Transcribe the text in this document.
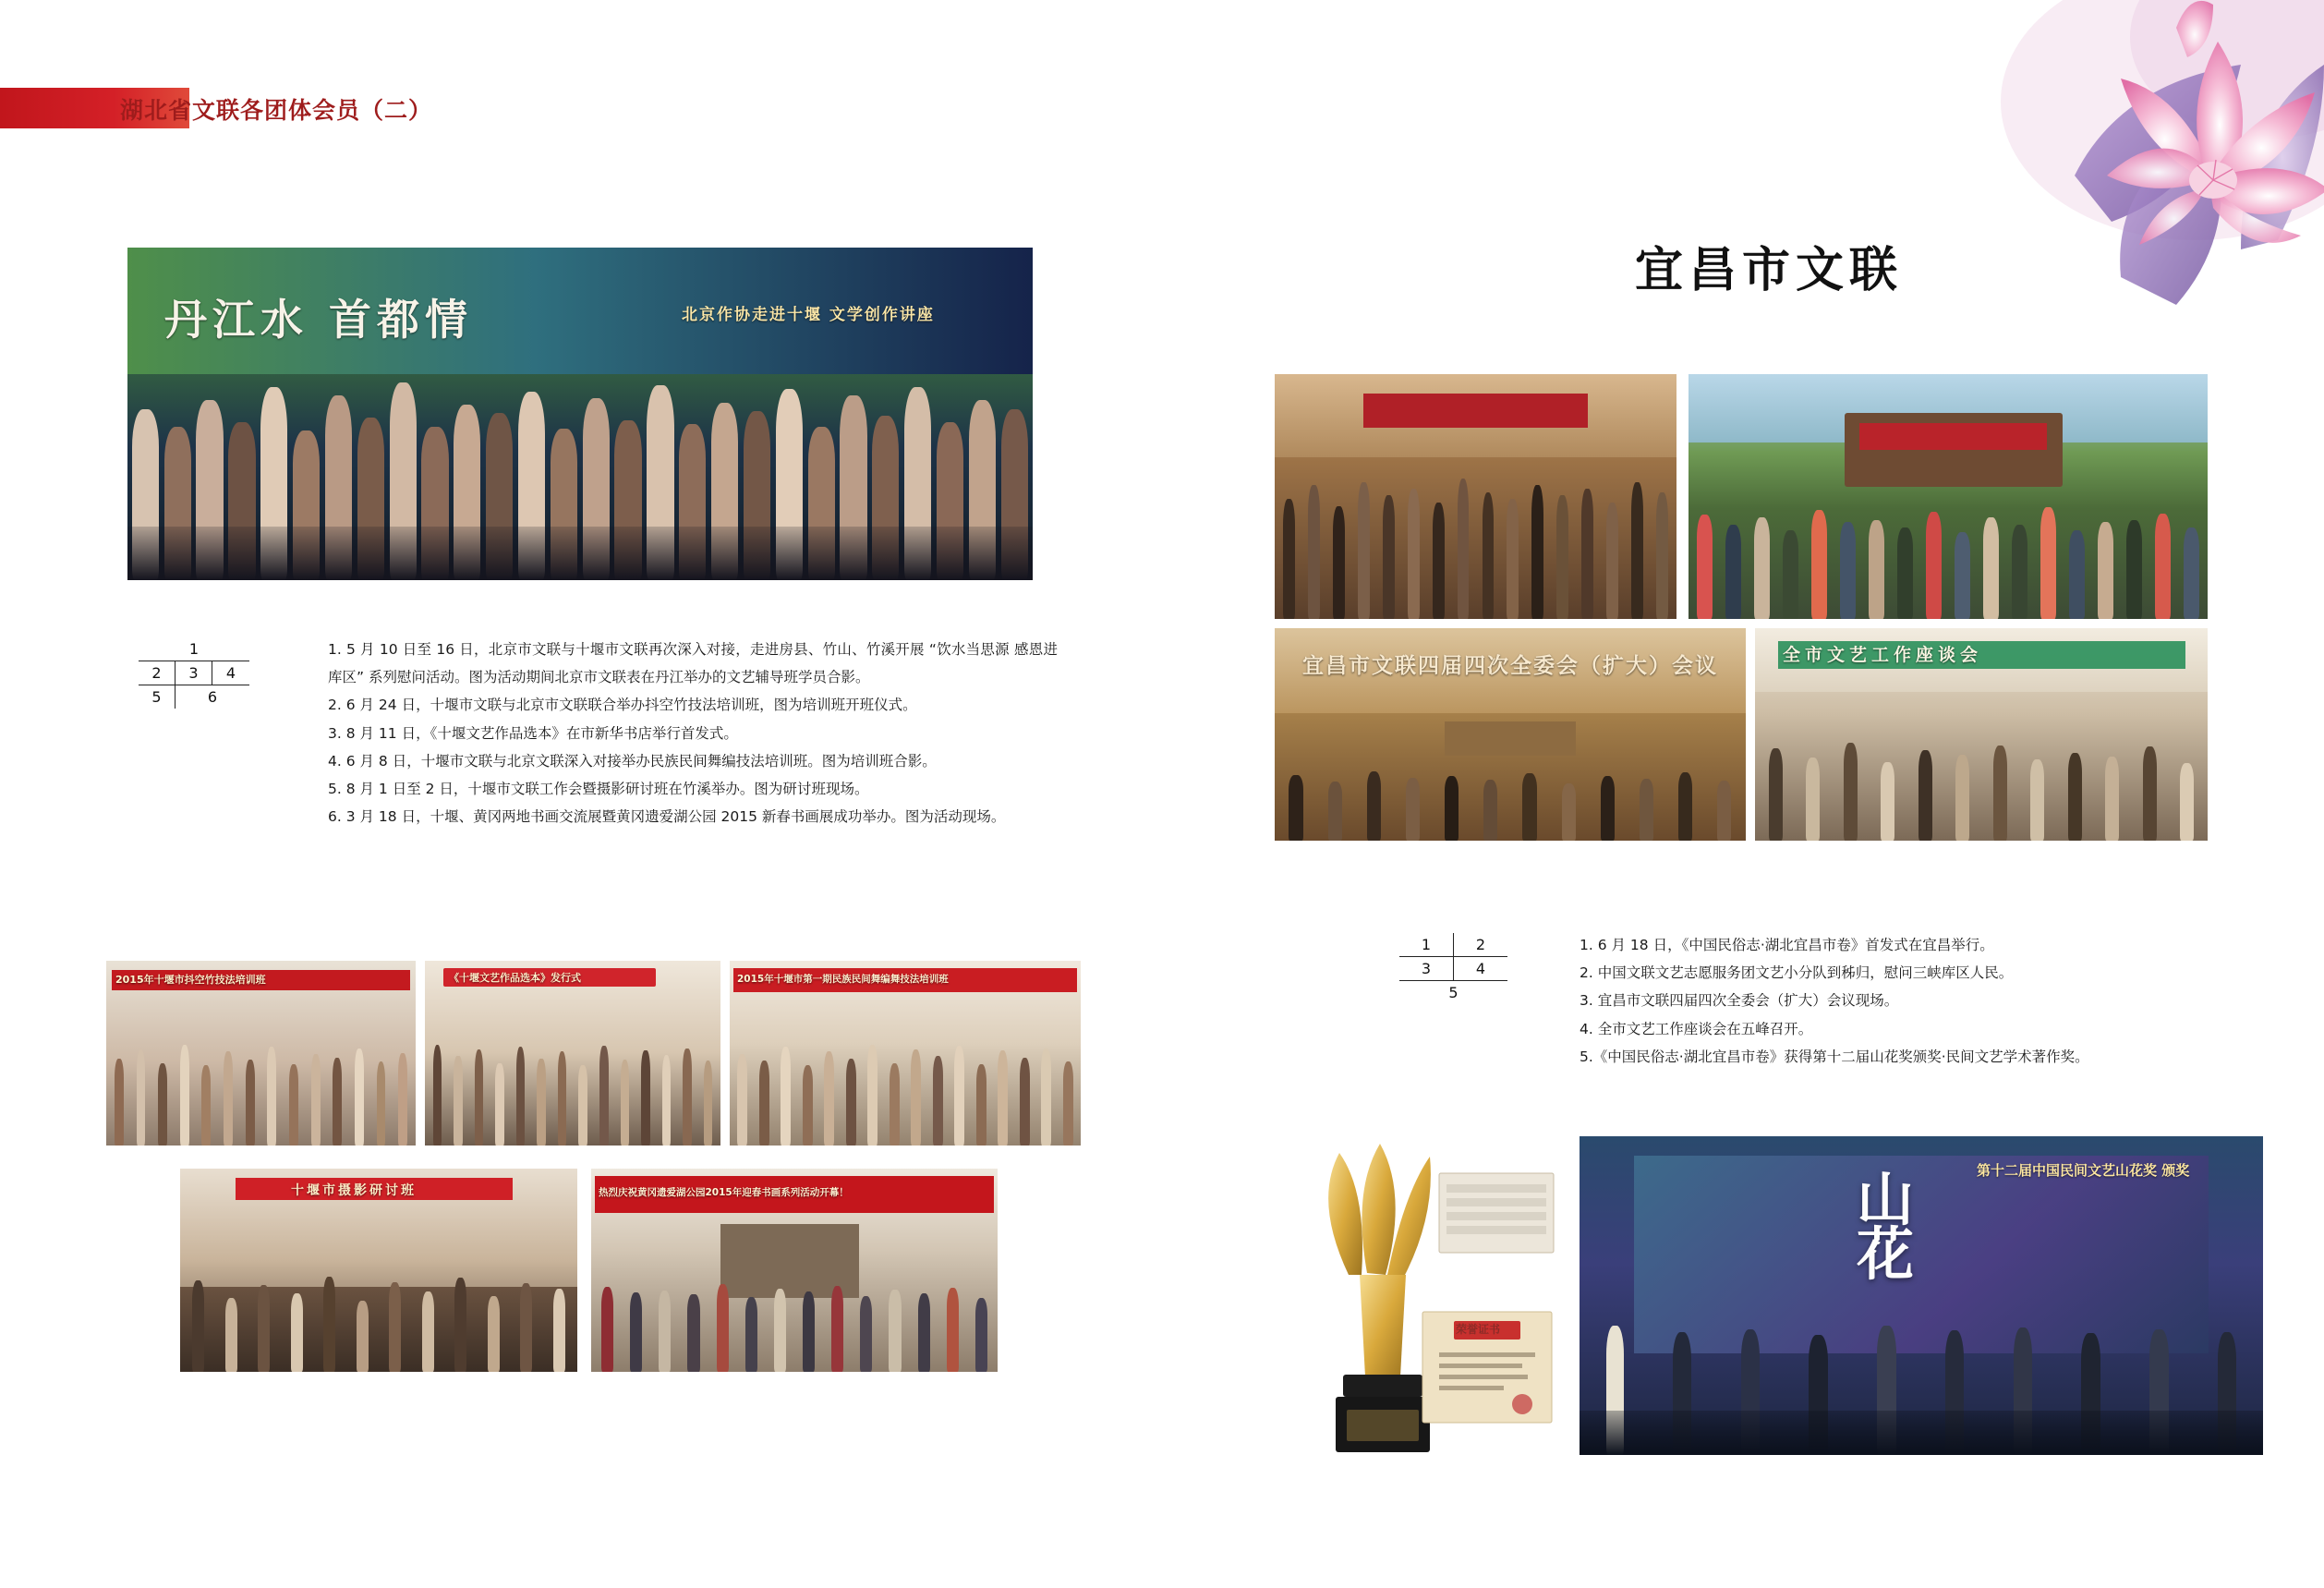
湖北省文联各团体会员（二）
宜昌市文联
丹江水 首都情	北京作协走进十堰 文学创作讲座
1		
2	3	4
5	6	

1. 5 月 10 日至 16 日，北京市文联与十堰市文联再次深入对接，走进房县、竹山、竹溪开展 “饮水当思源 感恩进库区” 系列慰问活动。图为活动期间北京市文联表在丹江举办的文艺辅导班学员合影。

2. 6 月 24 日，十堰市文联与北京市文联联合举办抖空竹技法培训班，图为培训班开班仪式。

3. 8 月 11 日，《十堰文艺作品选本》在市新华书店举行首发式。

4. 6 月 8 日，十堰市文联与北京文联深入对接举办民族民间舞编技法培训班。图为培训班合影。

5. 8 月 1 日至 2 日，十堰市文联工作会暨摄影研讨班在竹溪举办。图为研讨班现场。

6. 3 月 18 日，十堰、黄冈两地书画交流展暨黄冈遗爱湖公园 2015 新春书画展成功举办。图为活动现场。

2015年十堰市抖空竹技法培训班	《十堰文艺作品选本》发行式	2015年十堰市第一期民族民间舞编舞技法培训班
十堰市摄影研讨班	热烈庆祝黄冈遗爱湖公园2015年迎春书画系列活动开幕！
宜昌市文联四届四次全委会（扩大）会议	全市文艺工作座谈会
1	2
3	4
5	

1. 6 月 18 日，《中国民俗志·湖北宜昌市卷》首发式在宜昌举行。

2. 中国文联文艺志愿服务团文艺小分队到秭归，慰问三峡库区人民。

3. 宜昌市文联四届四次全委会（扩大）会议现场。

4. 全市文艺工作座谈会在五峰召开。

5.《中国民俗志·湖北宜昌市卷》获得第十二届山花奖颁奖·民间文艺学术著作奖。

荣誉证书
第十二届中国民间文艺山花奖 颁奖
山
花
